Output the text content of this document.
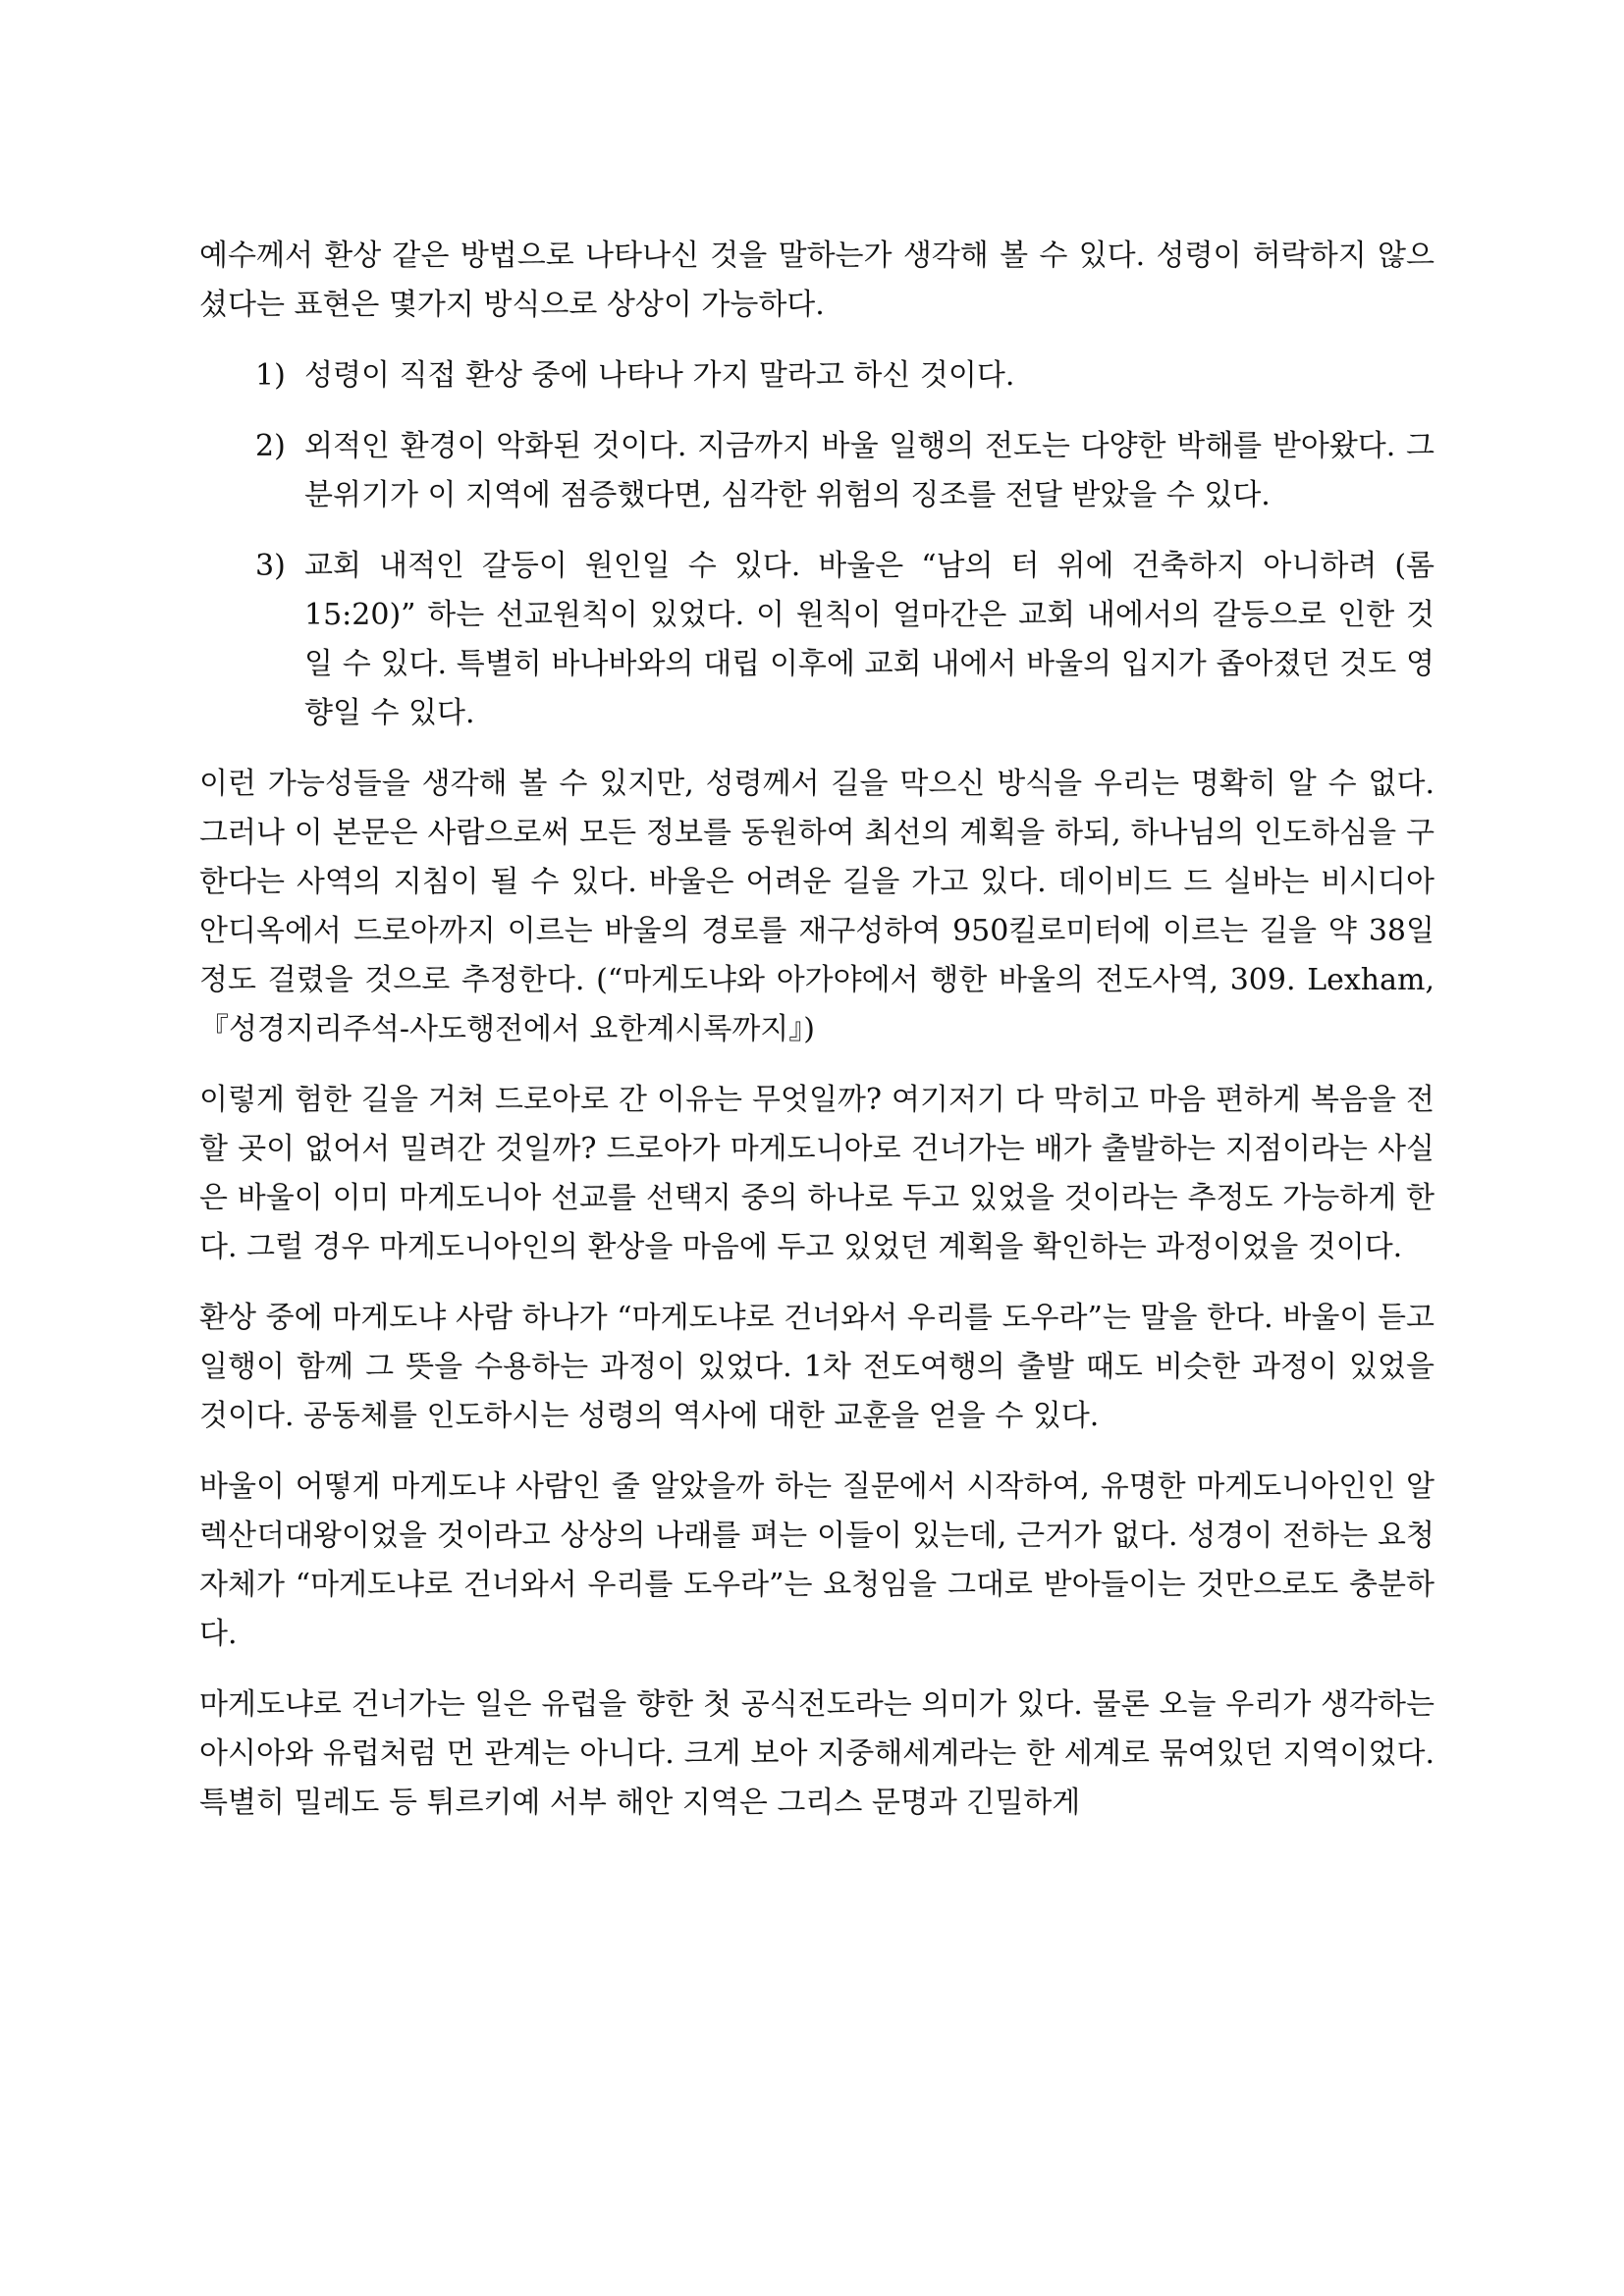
예수께서 환상 같은 방법으로 나타나신 것을 말하는가 생각해 볼 수 있다. 성령이 허락하지 않으셨다는 표현은 몇가지 방식으로 상상이 가능하다.

1) 성령이 직접 환상 중에 나타나 가지 말라고 하신 것이다.
2) 외적인 환경이 악화된 것이다. 지금까지 바울 일행의 전도는 다양한 박해를 받아왔다. 그 분위기가 이 지역에 점증했다면, 심각한 위험의 징조를 전달 받았을 수 있다.
3) 교회 내적인 갈등이 원인일 수 있다. 바울은 “남의 터 위에 건축하지 아니하려 (롬 15:20)” 하는 선교원칙이 있었다. 이 원칙이 얼마간은 교회 내에서의 갈등으로 인한 것일 수 있다. 특별히 바나바와의 대립 이후에 교회 내에서 바울의 입지가 좁아졌던 것도 영향일 수 있다.

이런 가능성들을 생각해 볼 수 있지만, 성령께서 길을 막으신 방식을 우리는 명확히 알 수 없다. 그러나 이 본문은 사람으로써 모든 정보를 동원하여 최선의 계획을 하되, 하나님의 인도하심을 구한다는 사역의 지침이 될 수 있다. 바울은 어려운 길을 가고 있다. 데이비드 드 실바는 비시디아 안디옥에서 드로아까지 이르는 바울의 경로를 재구성하여 950킬로미터에 이르는 길을 약 38일 정도 걸렸을 것으로 추정한다. (“마게도냐와 아가야에서 행한 바울의 전도사역, 309. Lexham, 『성경지리주석-사도행전에서 요한계시록까지』)

이렇게 험한 길을 거쳐 드로아로 간 이유는 무엇일까? 여기저기 다 막히고 마음 편하게 복음을 전할 곳이 없어서 밀려간 것일까? 드로아가 마게도니아로 건너가는 배가 출발하는 지점이라는 사실은 바울이 이미 마게도니아 선교를 선택지 중의 하나로 두고 있었을 것이라는 추정도 가능하게 한다. 그럴 경우 마게도니아인의 환상을 마음에 두고 있었던 계획을 확인하는 과정이었을 것이다.

환상 중에 마게도냐 사람 하나가 “마게도냐로 건너와서 우리를 도우라”는 말을 한다. 바울이 듣고 일행이 함께 그 뜻을 수용하는 과정이 있었다. 1차 전도여행의 출발 때도 비슷한 과정이 있었을 것이다. 공동체를 인도하시는 성령의 역사에 대한 교훈을 얻을 수 있다.

바울이 어떻게 마게도냐 사람인 줄 알았을까 하는 질문에서 시작하여, 유명한 마게도니아인인 알렉산더대왕이었을 것이라고 상상의 나래를 펴는 이들이 있는데, 근거가 없다. 성경이 전하는 요청 자체가 “마게도냐로 건너와서 우리를 도우라”는 요청임을 그대로 받아들이는 것만으로도 충분하다.

마게도냐로 건너가는 일은 유럽을 향한 첫 공식전도라는 의미가 있다. 물론 오늘 우리가 생각하는 아시아와 유럽처럼 먼 관계는 아니다. 크게 보아 지중해세계라는 한 세계로 묶여있던 지역이었다. 특별히 밀레도 등 튀르키예 서부 해안 지역은 그리스 문명과 긴밀하게
